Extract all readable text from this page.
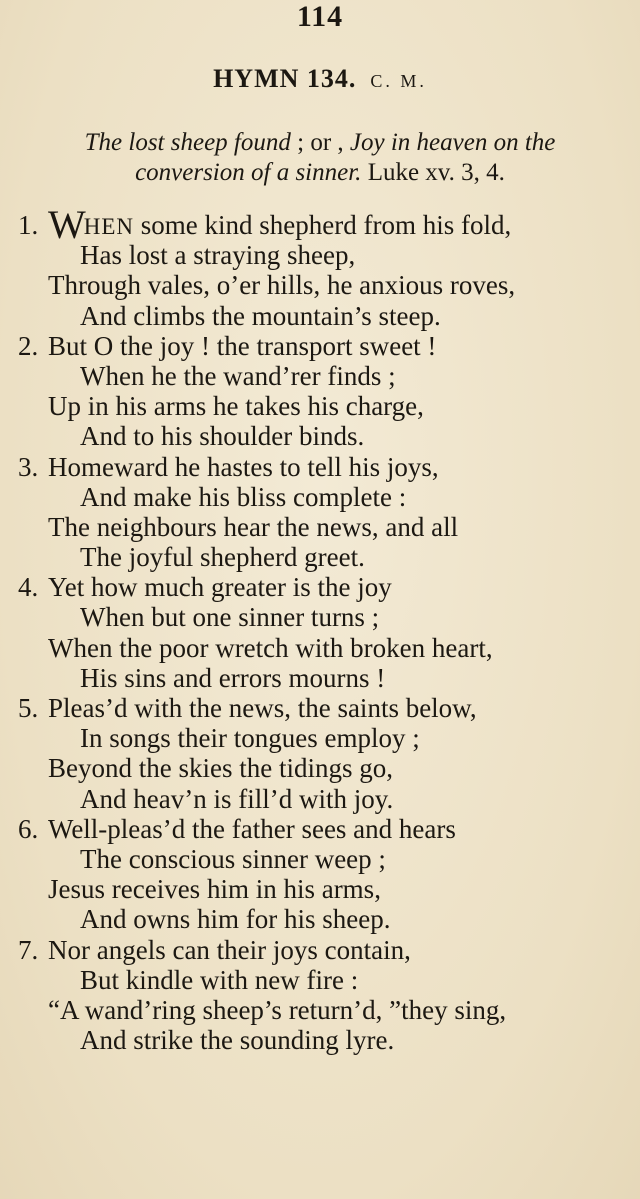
114
HYMN 134. C. M.
The lost sheep found ; or , Joy in heaven on the
conversion of a sinner. Luke xv. 3, 4.
1. WHEN some kind shepherd from his fold,
Has lost a straying sheep,
Through vales, o’er hills, he anxious roves,
And climbs the mountain’s steep.
2. But O the joy ! the transport sweet !
When he the wand’rer finds ;
Up in his arms he takes his charge,
And to his shoulder binds.
3. Homeward he hastes to tell his joys,
And make his bliss complete :
The neighbours hear the news, and all
The joyful shepherd greet.
4. Yet how much greater is the joy
When but one sinner turns ;
When the poor wretch with broken heart,
His sins and errors mourns !
5. Pleas’d with the news, the saints below,
In songs their tongues employ ;
Beyond the skies the tidings go,
And heav’n is fill’d with joy.
6. Well-pleas’d the father sees and hears
The conscious sinner weep ;
Jesus receives him in his arms,
And owns him for his sheep.
7. Nor angels can their joys contain,
But kindle with new fire :
“A wand’ring sheep’s return’d, ”they sing,
And strike the sounding lyre.
